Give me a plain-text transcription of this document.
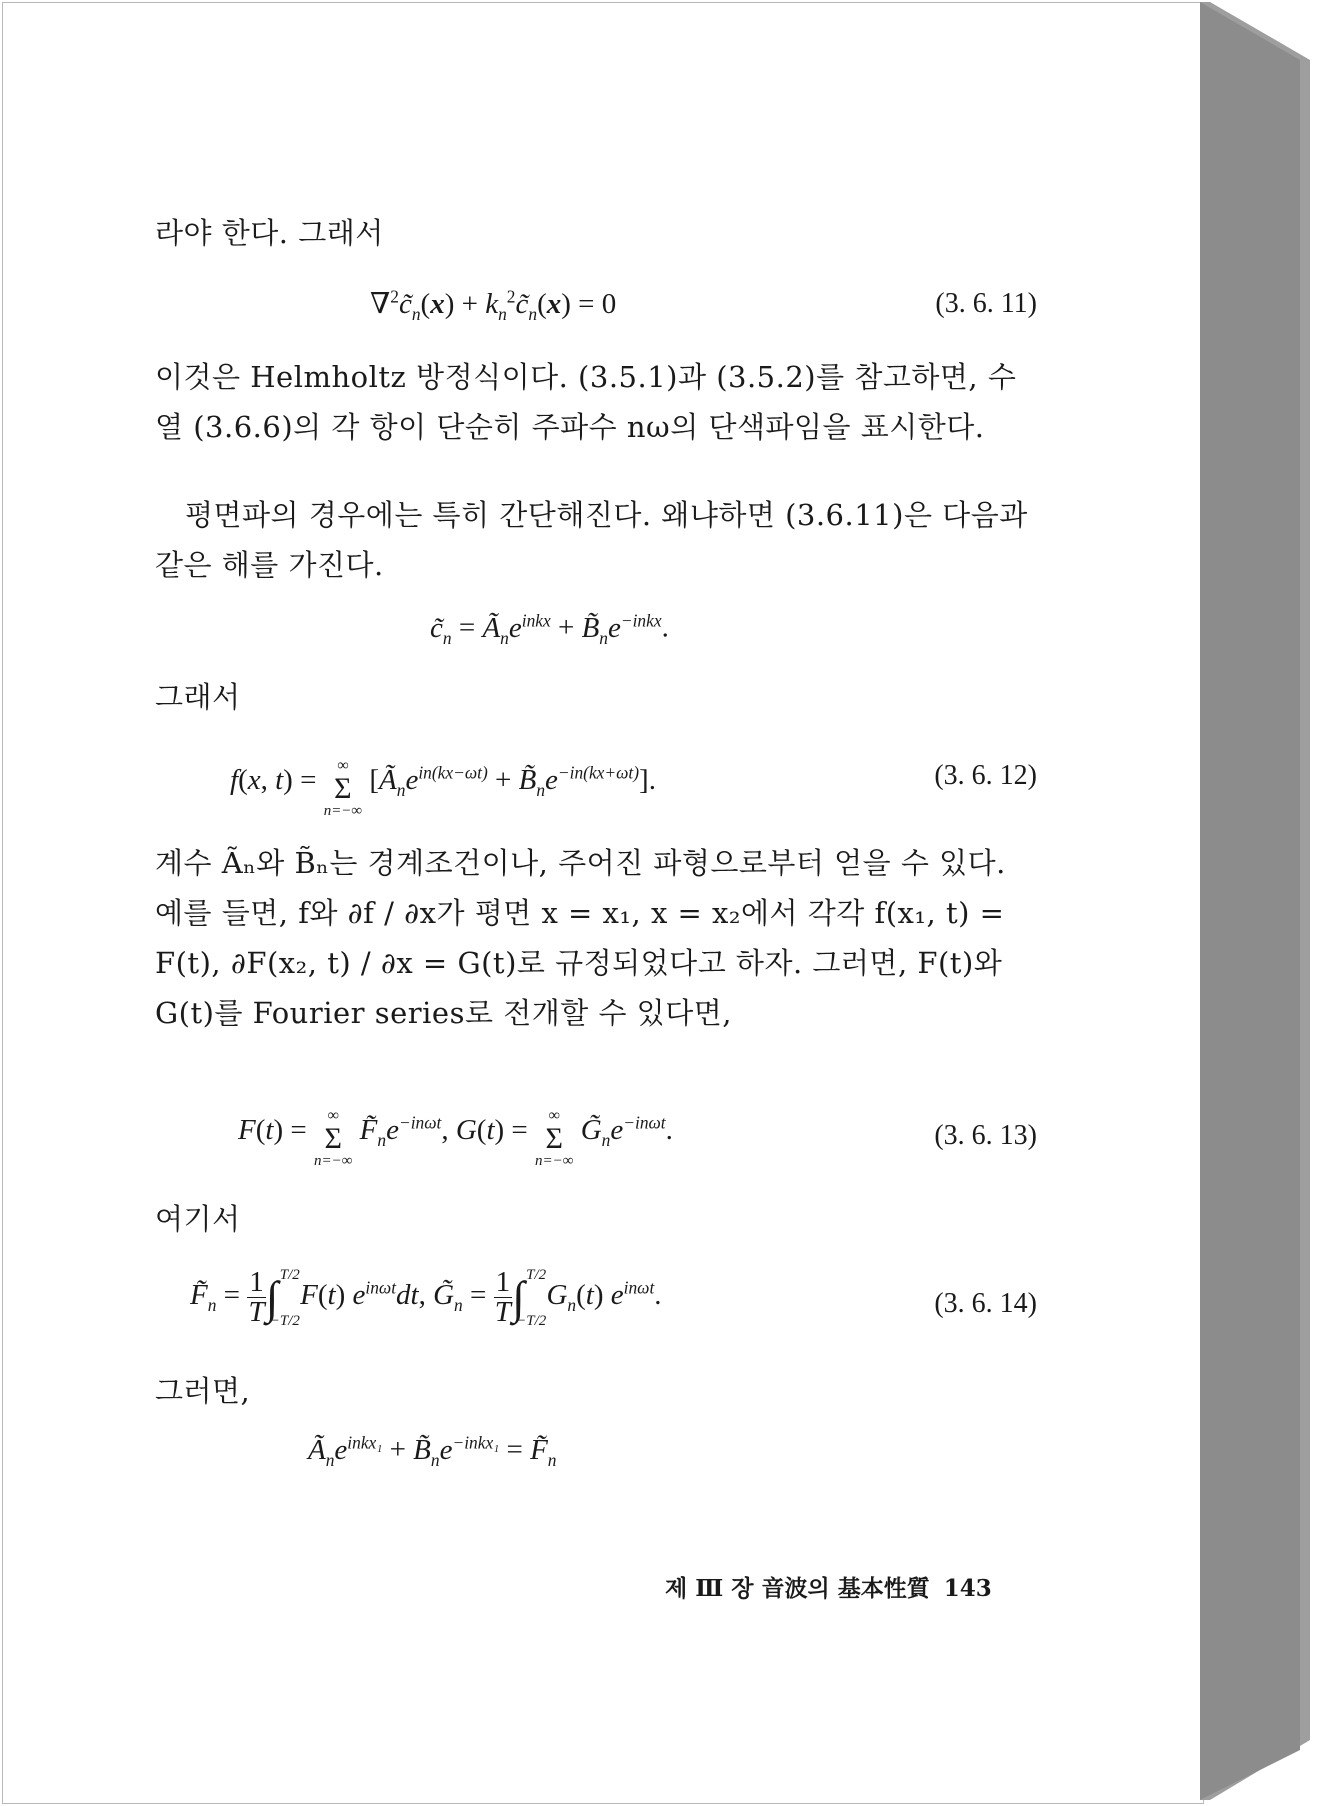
라야 한다. 그래서

$\nabla^2c̃_n(x)$ + $k_n^2c̃_n(x) = 0$	(3. 6. 11)

이것은 Helmholtz 방정식이다. (3.5.1)과 (3.5.2)를 참고하면, 수열 (3.6.6)의 각 항이 단순히 주파수 nω의 단색파임을 표시한다.

평면파의 경우에는 특히 간단해진다. 왜냐하면 (3.6.11)은 다음과 같은 해를 가진다.

$c̃_n$ = $Ã_ne^{inkx}$ + $B̃_ne^{-inkx}$.

그래서

f(x, t) = ∞
Σ
n=−∞
[$Ã_ne^{in(kx-\omega t)}$ + $B̃_ne^{-in(kx+\omega t)}$].	(3. 6. 12)

계수 Ãₙ와 B̃ₙ는 경계조건이나, 주어진 파형으로부터 얻을 수 있다. 예를 들면, f와 ∂f / ∂x가 평면 x = x₁, x = x₂에서 각각 f(x₁, t) = F(t), ∂F(x₂, t) / ∂x = G(t)로 규정되었다고 하자. 그러면, F(t)와 G(t)를 Fourier series로 전개할 수 있다면,

F(t) = ∞
Σ
n=−∞
$F̃_ne^{-in\omega t}$, G(t) = ∞
Σ
n=−∞
$G̃_ne^{-in\omega t}$.	(3. 6. 13)

여기서

$F̃_n = \frac{1}{T}$ ∫ T/2
−T/2
F(t) $e^{in\omega t}dt$, $G̃_n = \frac{1}{T}$ ∫ T/2
−T/2
$G_n(t)$ $e^{in\omega t}$.	(3. 6. 14)

그러면,

$Ã_ne^{inkx_1}$ + $B̃_ne^{-inkx_1}$ = $F̃_n$
제 Ⅲ 장 音波의 基本性質 143
